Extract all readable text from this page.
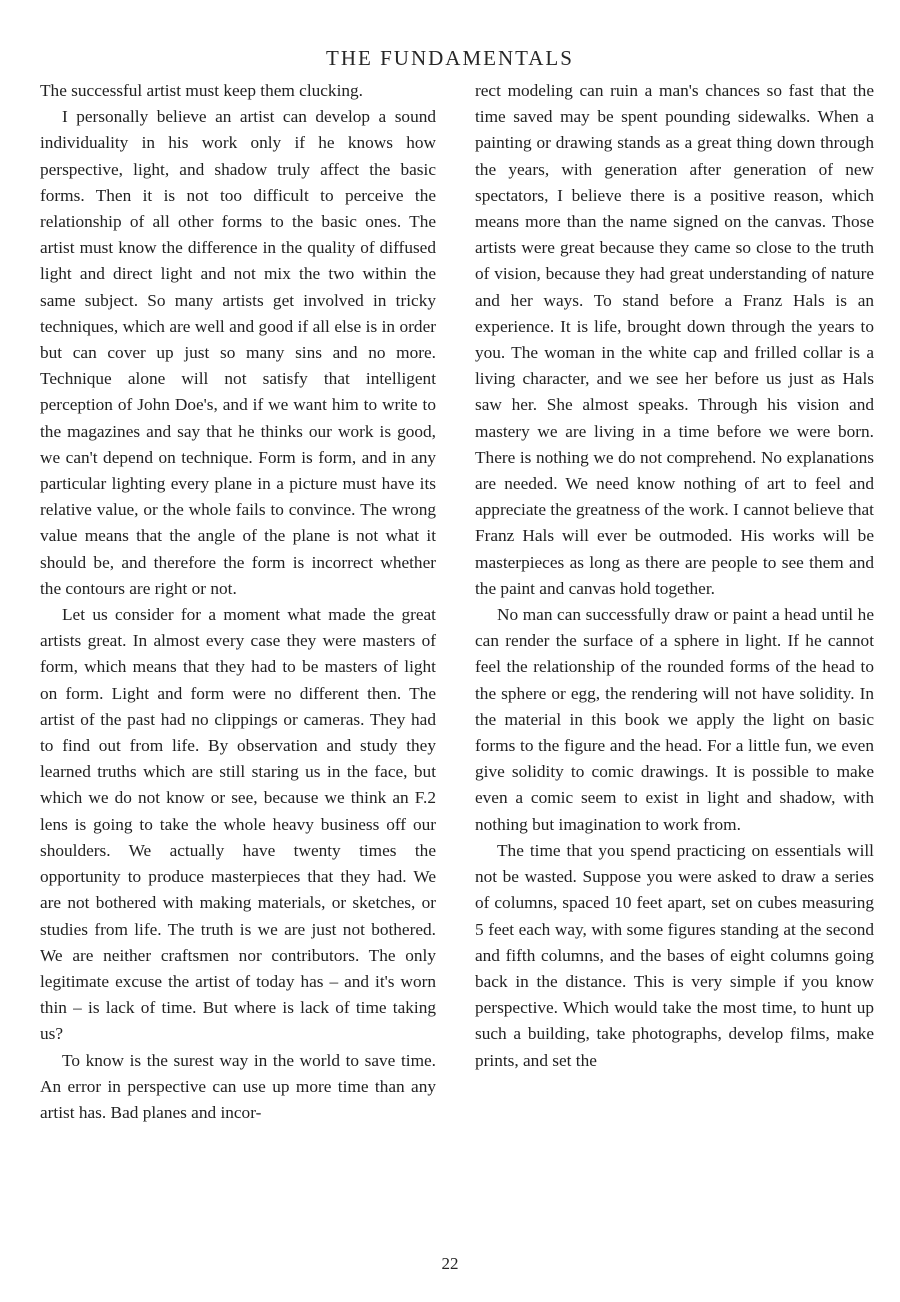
THE FUNDAMENTALS

The successful artist must keep them clucking.

I personally believe an artist can develop a sound individuality in his work only if he knows how perspective, light, and shadow truly affect the basic forms. Then it is not too difficult to perceive the relationship of all other forms to the basic ones. The artist must know the difference in the quality of diffused light and direct light and not mix the two within the same subject. So many artists get involved in tricky techniques, which are well and good if all else is in order but can cover up just so many sins and no more. Technique alone will not satisfy that intelligent perception of John Doe's, and if we want him to write to the magazines and say that he thinks our work is good, we can't depend on technique. Form is form, and in any particular lighting every plane in a picture must have its relative value, or the whole fails to convince. The wrong value means that the angle of the plane is not what it should be, and therefore the form is incorrect whether the contours are right or not.

Let us consider for a moment what made the great artists great. In almost every case they were masters of form, which means that they had to be masters of light on form. Light and form were no different then. The artist of the past had no clippings or cameras. They had to find out from life. By observation and study they learned truths which are still staring us in the face, but which we do not know or see, because we think an F.2 lens is going to take the whole heavy business off our shoulders. We actually have twenty times the opportunity to produce masterpieces that they had. We are not bothered with making materials, or sketches, or studies from life. The truth is we are just not bothered. We are neither craftsmen nor contributors. The only legitimate excuse the artist of today has – and it's worn thin – is lack of time. But where is lack of time taking us?

To know is the surest way in the world to save time. An error in perspective can use up more time than any artist has. Bad planes and incor-

rect modeling can ruin a man's chances so fast that the time saved may be spent pounding sidewalks. When a painting or drawing stands as a great thing down through the years, with generation after generation of new spectators, I believe there is a positive reason, which means more than the name signed on the canvas. Those artists were great because they came so close to the truth of vision, because they had great understanding of nature and her ways. To stand before a Franz Hals is an experience. It is life, brought down through the years to you. The woman in the white cap and frilled collar is a living character, and we see her before us just as Hals saw her. She almost speaks. Through his vision and mastery we are living in a time before we were born. There is nothing we do not comprehend. No explanations are needed. We need know nothing of art to feel and appreciate the greatness of the work. I cannot believe that Franz Hals will ever be outmoded. His works will be masterpieces as long as there are people to see them and the paint and canvas hold together.

No man can successfully draw or paint a head until he can render the surface of a sphere in light. If he cannot feel the relationship of the rounded forms of the head to the sphere or egg, the rendering will not have solidity. In the material in this book we apply the light on basic forms to the figure and the head. For a little fun, we even give solidity to comic drawings. It is possible to make even a comic seem to exist in light and shadow, with nothing but imagination to work from.

The time that you spend practicing on essentials will not be wasted. Suppose you were asked to draw a series of columns, spaced 10 feet apart, set on cubes measuring 5 feet each way, with some figures standing at the second and fifth columns, and the bases of eight columns going back in the distance. This is very simple if you know perspective. Which would take the most time, to hunt up such a building, take photographs, develop films, make prints, and set the

22
